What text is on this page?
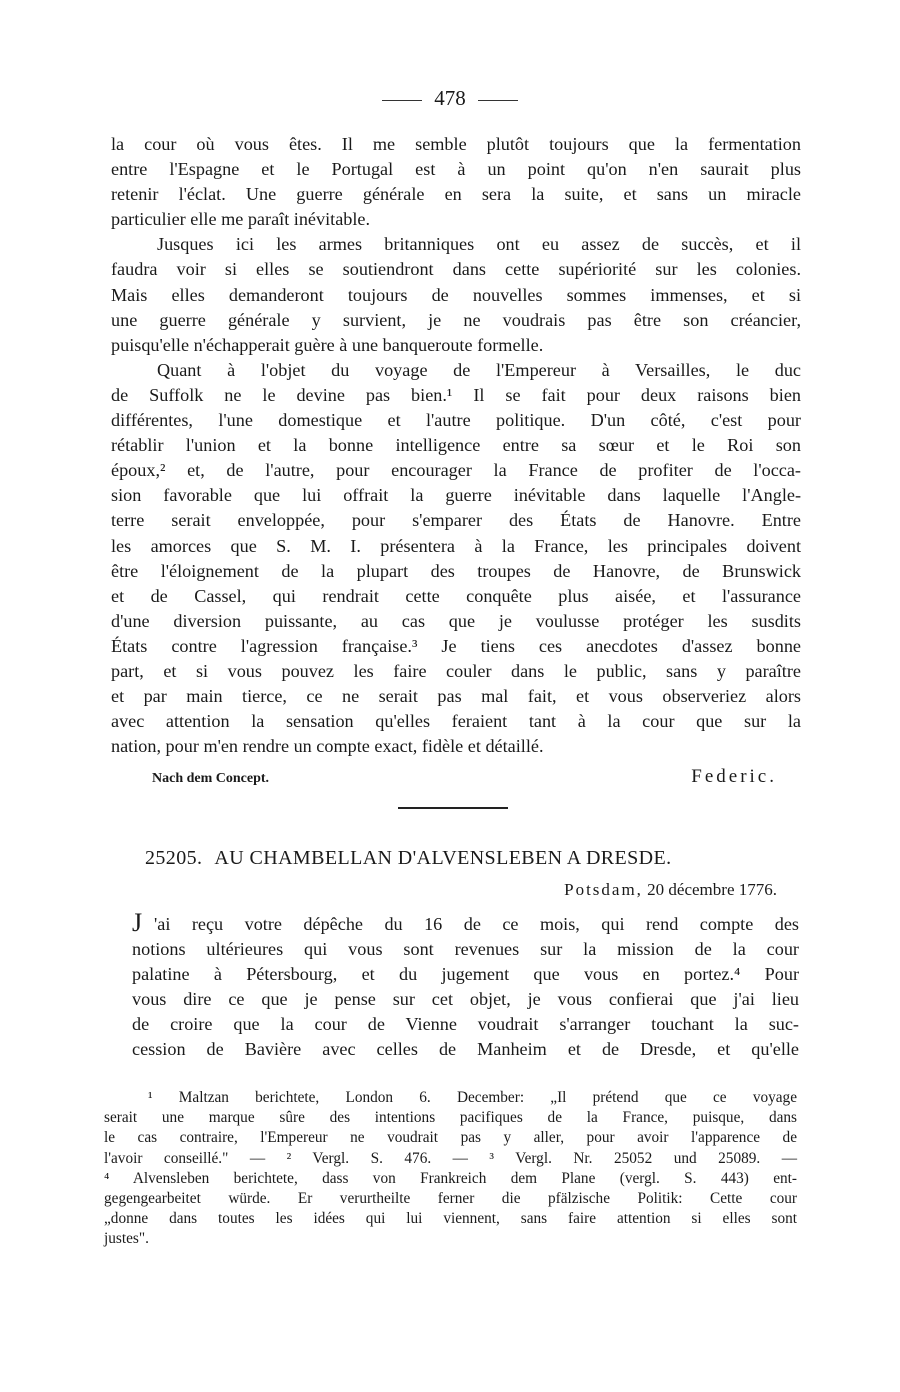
478
la cour où vous êtes. Il me semble plutôt toujours que la fermentation
entre l'Espagne et le Portugal est à un point qu'on n'en saurait plus
retenir l'éclat. Une guerre générale en sera la suite, et sans un miracle
particulier elle me paraît inévitable.
Jusques ici les armes britanniques ont eu assez de succès, et il
faudra voir si elles se soutiendront dans cette supériorité sur les colonies.
Mais elles demanderont toujours de nouvelles sommes immenses, et si
une guerre générale y survient, je ne voudrais pas être son créancier,
puisqu'elle n'échapperait guère à une banqueroute formelle.
Quant à l'objet du voyage de l'Empereur à Versailles, le duc
de Suffolk ne le devine pas bien.¹ Il se fait pour deux raisons bien
différentes, l'une domestique et l'autre politique. D'un côté, c'est pour
rétablir l'union et la bonne intelligence entre sa sœur et le Roi son
époux,² et, de l'autre, pour encourager la France de profiter de l'occa-
sion favorable que lui offrait la guerre inévitable dans laquelle l'Angle-
terre serait enveloppée, pour s'emparer des États de Hanovre. Entre
les amorces que S. M. I. présentera à la France, les principales doivent
être l'éloignement de la plupart des troupes de Hanovre, de Brunswick
et de Cassel, qui rendrait cette conquête plus aisée, et l'assurance
d'une diversion puissante, au cas que je voulusse protéger les susdits
États contre l'agression française.³ Je tiens ces anecdotes d'assez bonne
part, et si vous pouvez les faire couler dans le public, sans y paraître
et par main tierce, ce ne serait pas mal fait, et vous observeriez alors
avec attention la sensation qu'elles feraient tant à la cour que sur la
nation, pour m'en rendre un compte exact, fidèle et détaillé.
Nach dem Concept.	Federic.
25205. AU CHAMBELLAN D'ALVENSLEBEN A DRESDE.
Potsdam, 20 décembre 1776.
J 'ai reçu votre dépêche du 16 de ce mois, qui rend compte des
notions ultérieures qui vous sont revenues sur la mission de la cour
palatine à Pétersbourg, et du jugement que vous en portez.⁴ Pour
vous dire ce que je pense sur cet objet, je vous confierai que j'ai lieu
de croire que la cour de Vienne voudrait s'arranger touchant la suc-
cession de Bavière avec celles de Manheim et de Dresde, et qu'elle
¹ Maltzan berichtete, London 6. December: „Il prétend que ce voyage
serait une marque sûre des intentions pacifiques de la France, puisque, dans
le cas contraire, l'Empereur ne voudrait pas y aller, pour avoir l'apparence de
l'avoir conseillé." — ² Vergl. S. 476. — ³ Vergl. Nr. 25052 und 25089. —
⁴ Alvensleben berichtete, dass von Frankreich dem Plane (vergl. S. 443) ent-
gegengearbeitet würde. Er verurtheilte ferner die pfälzische Politik: Cette cour
„donne dans toutes les idées qui lui viennent, sans faire attention si elles sont
justes".
